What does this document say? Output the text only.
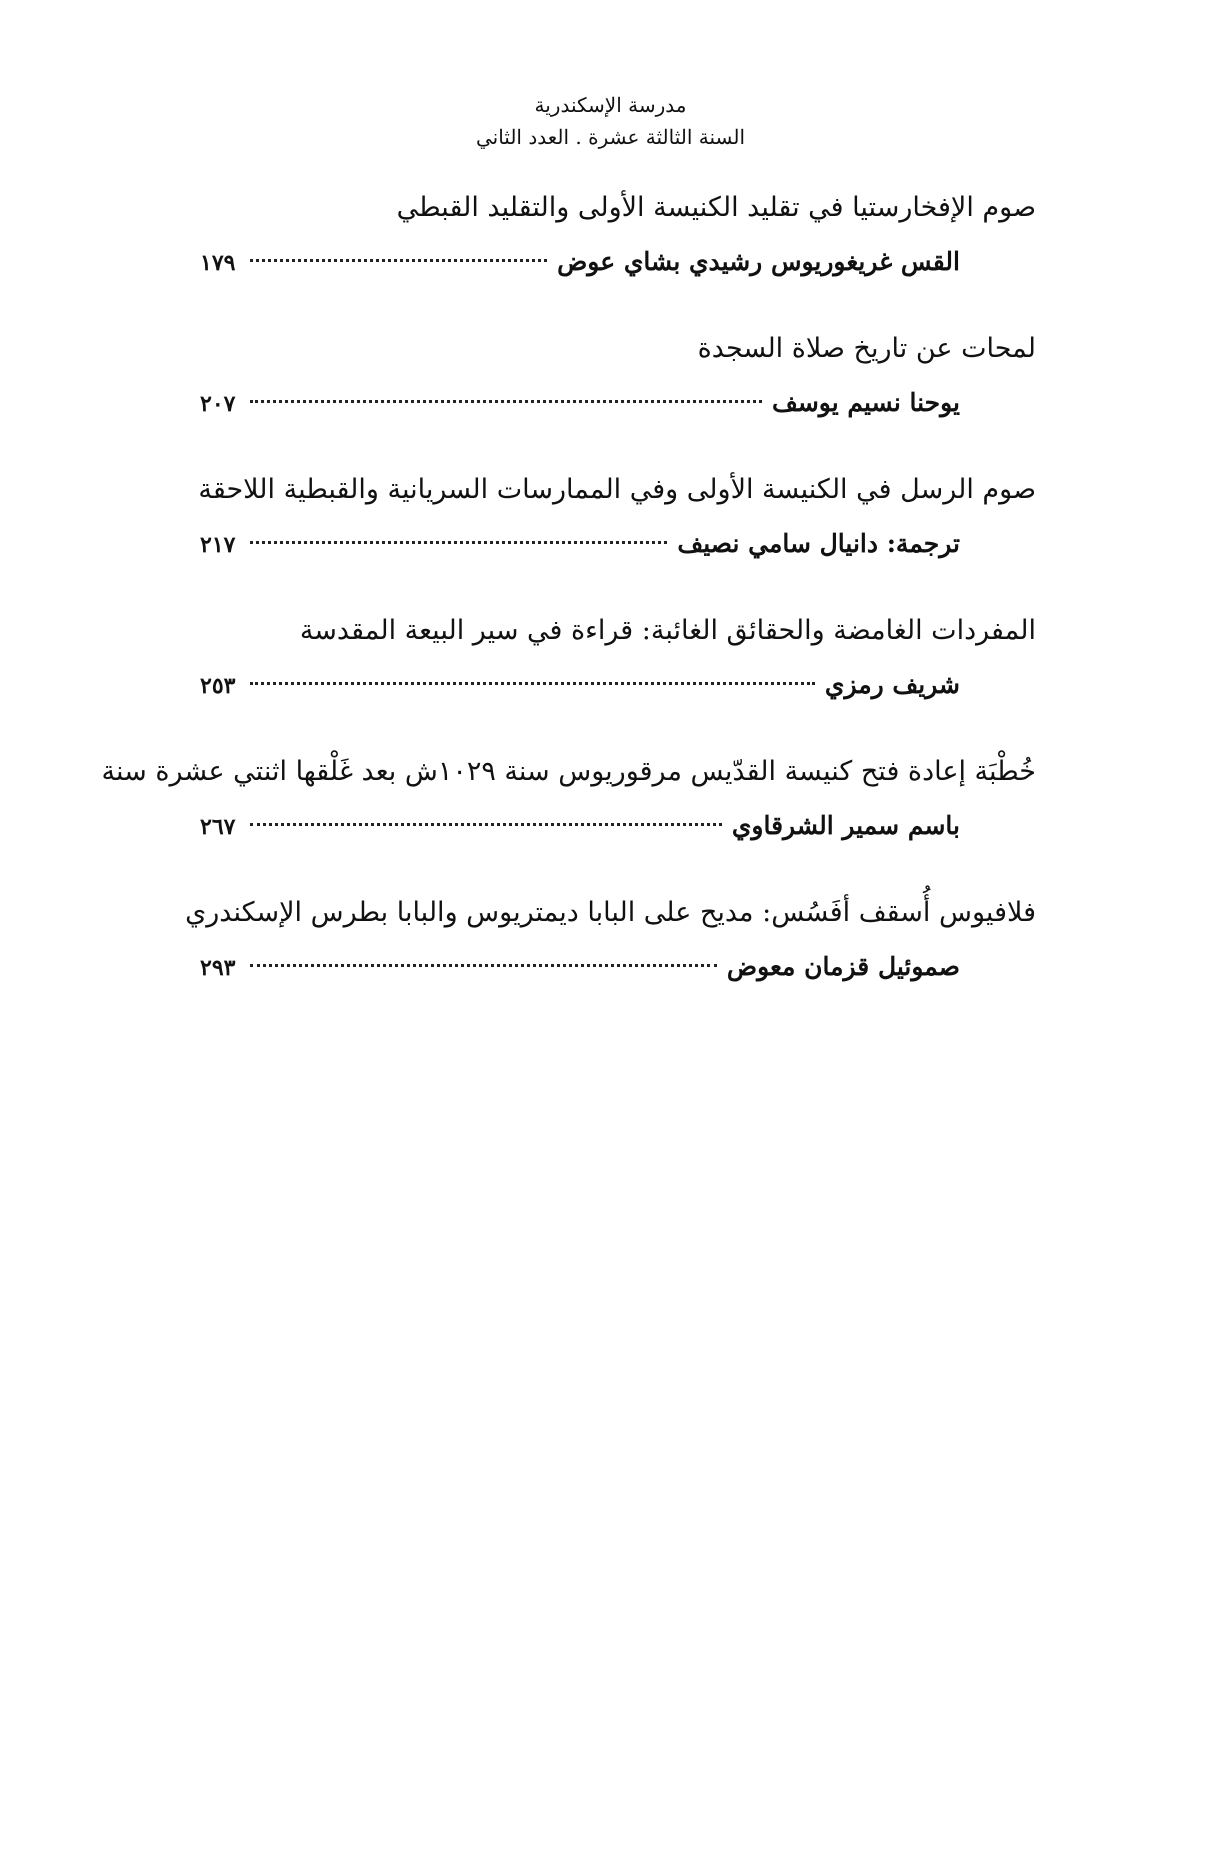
مدرسة الإسكندرية
السنة الثالثة عشرة . العدد الثاني
صوم الإفخارستيا في تقليد الكنيسة الأولى والتقليد القبطي
القس غريغوريوس رشيدي بشاي عوض
١٧٩
لمحات عن تاريخ صلاة السجدة
يوحنا نسيم يوسف
٢٠٧
صوم الرسل في الكنيسة الأولى وفي الممارسات السريانية والقبطية اللاحقة
ترجمة: دانيال سامي نصيف
٢١٧
المفردات الغامضة والحقائق الغائبة: قراءة في سير البيعة المقدسة
شريف رمزي
٢٥٣
خُطْبَة إعادة فتح كنيسة القدّيس مرقوريوس سنة ١٠٢٩ش بعد غَلْقها اثنتي عشرة سنة
باسم سمير الشرقاوي
٢٦٧
فلافيوس أُسقف أفَسُس: مديح على البابا ديمتريوس والبابا بطرس الإسكندري
صموئيل قزمان معوض
٢٩٣
